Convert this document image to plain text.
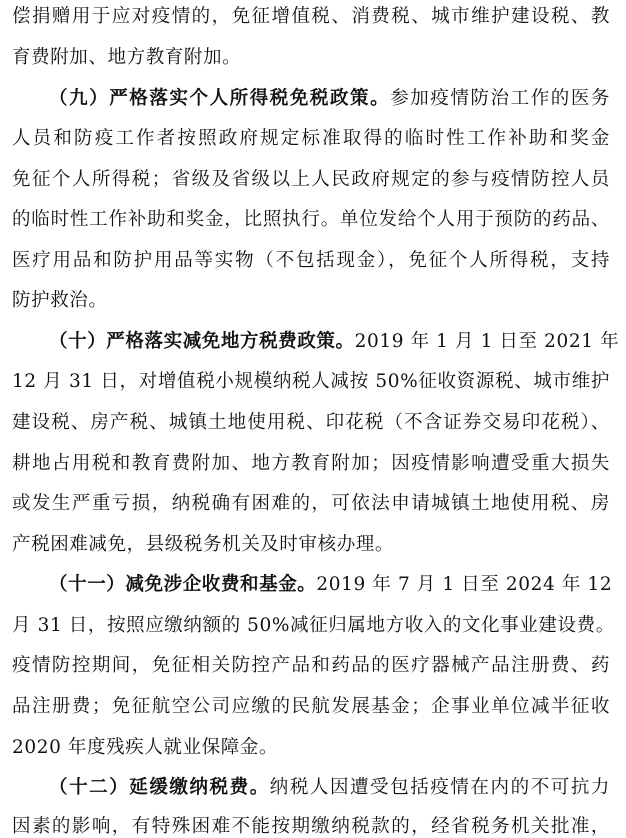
偿捐赠用于应对疫情的，免征增值税、消费税、城市维护建设税、教
育费附加、地方教育附加。
（九）严格落实个人所得税免税政策。参加疫情防治工作的医务
人员和防疫工作者按照政府规定标准取得的临时性工作补助和奖金
免征个人所得税；省级及省级以上人民政府规定的参与疫情防控人员
的临时性工作补助和奖金，比照执行。单位发给个人用于预防的药品、
医疗用品和防护用品等实物（不包括现金），免征个人所得税，支持
防护救治。
（十）严格落实减免地方税费政策。2019 年 1 月 1 日至 2021 年
12 月 31 日，对增值税小规模纳税人减按 50%征收资源税、城市维护
建设税、房产税、城镇土地使用税、印花税（不含证券交易印花税）、
耕地占用税和教育费附加、地方教育附加；因疫情影响遭受重大损失
或发生严重亏损，纳税确有困难的，可依法申请城镇土地使用税、房
产税困难减免，县级税务机关及时审核办理。
（十一）减免涉企收费和基金。2019 年 7 月 1 日至 2024 年 12
月 31 日，按照应缴纳额的 50%减征归属地方收入的文化事业建设费。
疫情防控期间，免征相关防控产品和药品的医疗器械产品注册费、药
品注册费；免征航空公司应缴的民航发展基金；企事业单位减半征收
2020 年度残疾人就业保障金。
（十二）延缓缴纳税费。纳税人因遭受包括疫情在内的不可抗力
因素的影响，有特殊困难不能按期缴纳税款的，经省税务机关批准，
